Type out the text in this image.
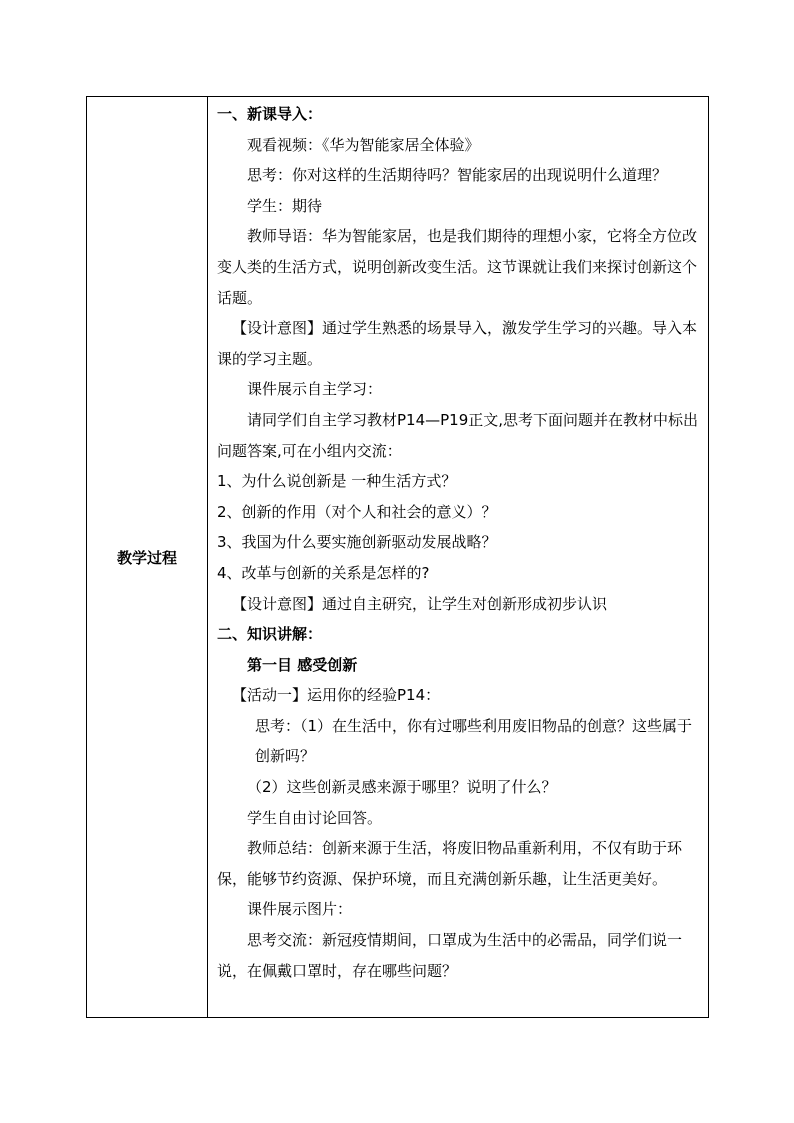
教学过程	
一、新课导入：
观看视频：《华为智能家居全体验》
思考：你对这样的生活期待吗？智能家居的出现说明什么道理？
学生：期待
教师导语：华为智能家居，也是我们期待的理想小家，它将全方位改变人类的生活方式，说明创新改变生活。这节课就让我们来探讨创新这个话题。
【设计意图】通过学生熟悉的场景导入，激发学生学习的兴趣。导入本课的学习主题。
课件展示自主学习：
请同学们自主学习教材P14—P19正文,思考下面问题并在教材中标出问题答案,可在小组内交流：
1、为什么说创新是 一种生活方式？
2、创新的作用（对个人和社会的意义）？
3、我国为什么要实施创新驱动发展战略？
4、改革与创新的关系是怎样的?
【设计意图】通过自主研究，让学生对创新形成初步认识
二、知识讲解：
第一目 感受创新
【活动一】运用你的经验P14：
思考：（1）在生活中，你有过哪些利用废旧物品的创意？这些属于创新吗？
（2）这些创新灵感来源于哪里？说明了什么？
学生自由讨论回答。
教师总结：创新来源于生活，将废旧物品重新利用，不仅有助于环保，能够节约资源、保护环境，而且充满创新乐趣，让生活更美好。
课件展示图片：
思考交流：新冠疫情期间，口罩成为生活中的必需品，同学们说一说，在佩戴口罩时，存在哪些问题？
